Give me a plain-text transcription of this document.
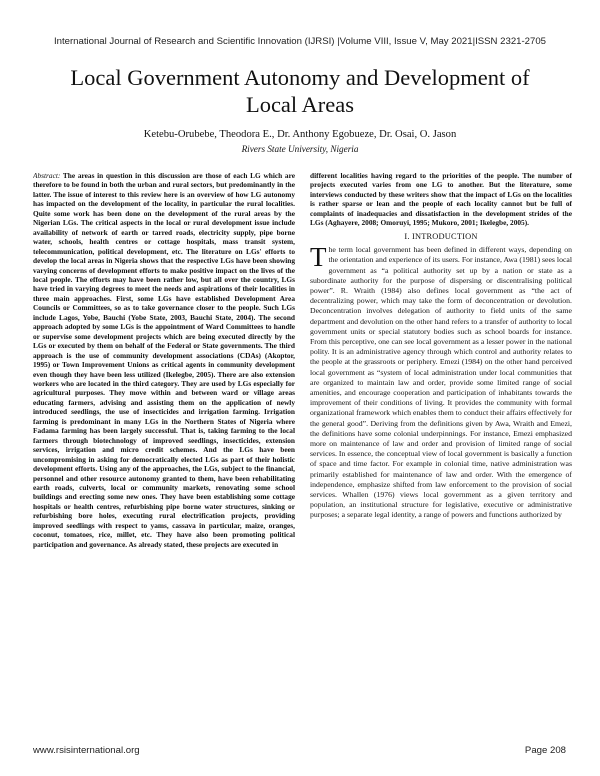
International Journal of Research and Scientific Innovation (IJRSI) |Volume VIII, Issue V, May 2021|ISSN 2321-2705
Local Government Autonomy and Development of Local Areas
Ketebu-Orubebe, Theodora E., Dr. Anthony Egobueze, Dr. Osai, O. Jason
Rivers State University, Nigeria

Abstract: The areas in question in this discussion are those of each LG which are therefore to be found in both the urban and rural sectors, but predominantly in the latter. The issue of interest to this review here is an overview of how LG autonomy has impacted on the development of the locality, in particular the rural localities. Quite some work has been done on the development of the rural areas by the Nigerian LGs. The critical aspects in the local or rural development issue include availability of network of earth or tarred roads, electricity supply, pipe borne water, schools, health centres or cottage hospitals, mass transit system, telecommunication, political development, etc. The literature on LGs' efforts to develop the local areas in Nigeria shows that the respective LGs have been showing varying concerns of development efforts to make positive impact on the lives of the local people. The efforts may have been rather low, but all over the country, LGs have tried in varying degrees to meet the needs and aspirations of their localities in three main approaches. First, some LGs have established Development Area Councils or Committees, so as to take governance closer to the people. Such LGs include Lagos, Yobe, Bauchi (Yobe State, 2003, Bauchi State, 2004). The second approach adopted by some LGs is the appointment of Ward Committees to handle or supervise some development projects which are being executed directly by the LGs or executed by them on behalf of the Federal or State governments. The third approach is the use of community development associations (CDAs) (Akoptor, 1995) or Town Improvement Unions as critical agents in community development even though they have been less utilized (Ikelegbe, 2005). There are also extension workers who are located in the third category. They are used by LGs especially for agricultural purposes. They move within and between ward or village areas educating farmers, advising and assisting them on the application of newly introduced seedlings, the use of insecticides and irrigation farming. Irrigation farming is predominant in many LGs in the Northern States of Nigeria where Fadama farming has been largely successful. That is, taking farming to the local farmers through biotechnology of improved seedlings, insecticides, extension services, irrigation and micro credit schemes. And the LGs have been uncompromising in asking for democratically elected LGs as part of their holistic development efforts. Using any of the approaches, the LGs, subject to the financial, personnel and other resource autonomy granted to them, have been rehabilitating earth roads, culverts, local or community markets, renovating some school buildings and erecting some new ones. They have been establishing some cottage hospitals or health centres, refurbishing pipe borne water structures, sinking or refurbishing bore holes, executing rural electrification projects, providing improved seedlings with respect to yams, cassava in particular, maize, oranges, coconut, tomatoes, rice, millet, etc. They have also been promoting political participation and governance. As already stated, these projects are executed in

different localities having regard to the priorities of the people. The number of projects executed varies from one LG to another. But the literature, some interviews conducted by these writers show that the impact of LGs on the localities is rather sparse or lean and the people of each locality cannot but be full of complaints of inadequacies and dissatisfaction in the development strides of the LGs (Aghayere, 2008; Omoruyi, 1995; Mukoro, 2001; Ikelegbe, 2005).

I. INTRODUCTION

The term local government has been defined in different ways, depending on the orientation and experience of its users. For instance, Awa (1981) sees local government as “a political authority set up by a nation or state as a subordinate authority for the purpose of dispersing or discentralising political power”. R. Wraith (1984) also defines local government as “the act of decentralizing power, which may take the form of deconcentration or devolution. Deconcentration involves delegation of authority to field units of the same department and devolution on the other hand refers to a transfer of authority to local government units or special statutory bodies such as school boards for instance. From this perceptive, one can see local government as a lesser power in the national polity. It is an administrative agency through which control and authority relates to the people at the grassroots or periphery. Emezi (1984) on the other hand perceived local government as “system of local administration under local communities that are organized to maintain law and order, provide some limited range of social amenities, and encourage cooperation and participation of inhabitants towards the improvement of their conditions of living. It provides the community with formal organizational framework which enables them to conduct their affairs effectively for the general good”. Deriving from the definitions given by Awa, Wraith and Emezi, the definitions have some colonial underpinnings. For instance, Emezi emphasized more on maintenance of law and order and provision of limited range of social services. In essence, the conceptual view of local government is basically a function of space and time factor. For example in colonial time, native administration was primarily established for maintenance of law and order. With the emergence of independence, emphasize shifted from law enforcement to the provision of social services. Whallen (1976) views local government as a given territory and population, an institutional structure for legislative, executive or administrative purposes; a separate legal identity, a range of powers and functions authorized by

www.rsisinternational.org	Page 208
